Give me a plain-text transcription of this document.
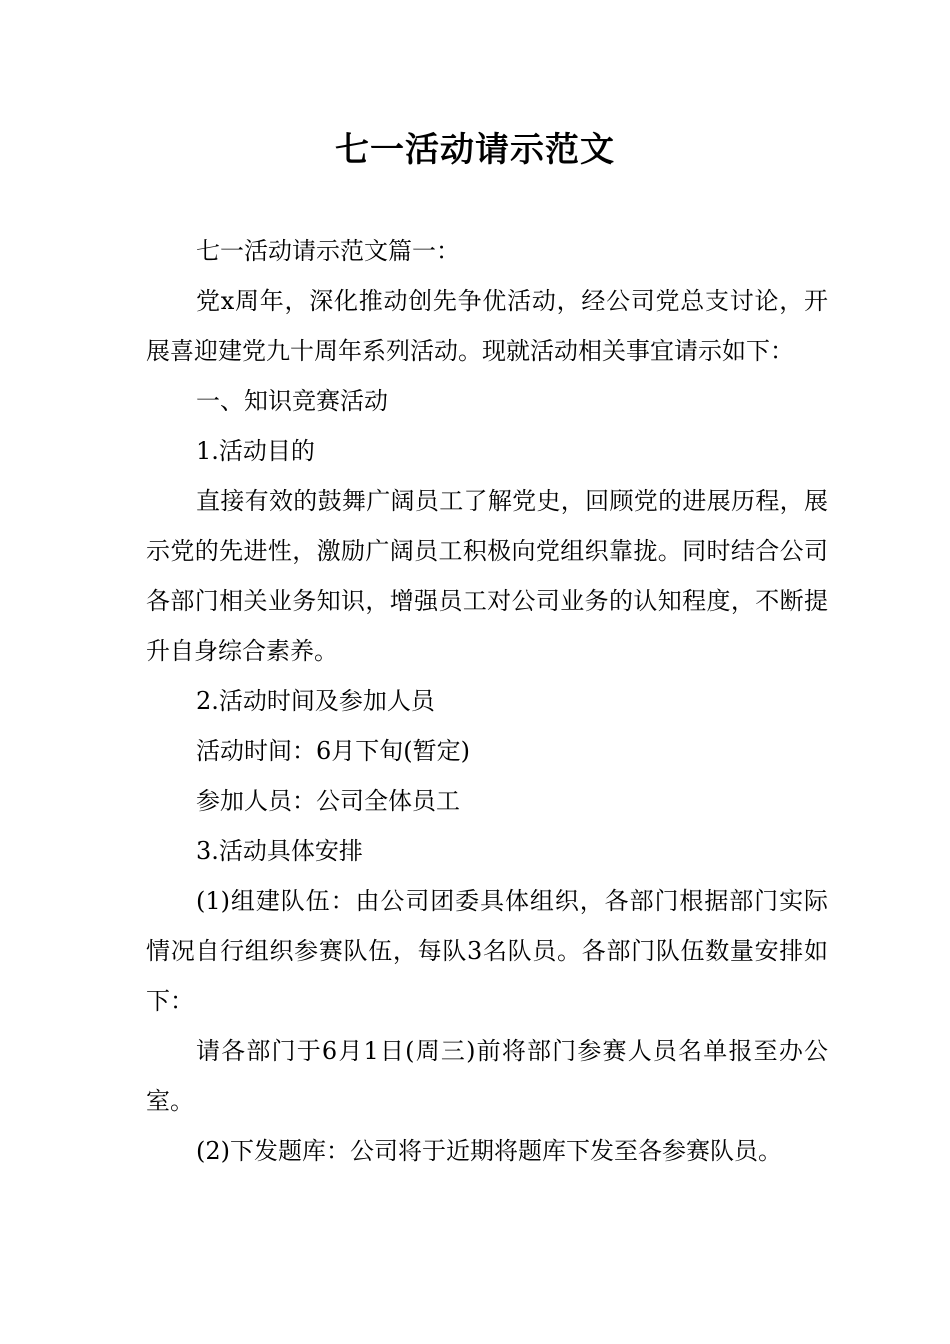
七一活动请示范文

七一活动请示范文篇一：

党x周年，深化推动创先争优活动，经公司党总支讨论，开展喜迎建党九十周年系列活动。现就活动相关事宜请示如下：

一、知识竞赛活动

1.活动目的

直接有效的鼓舞广阔员工了解党史，回顾党的进展历程，展示党的先进性，激励广阔员工积极向党组织靠拢。同时结合公司各部门相关业务知识，增强员工对公司业务的认知程度，不断提升自身综合素养。

2.活动时间及参加人员

活动时间：6月下旬(暂定)

参加人员：公司全体员工

3.活动具体安排

(1)组建队伍：由公司团委具体组织，各部门根据部门实际情况自行组织参赛队伍，每队3名队员。各部门队伍数量安排如下：

请各部门于6月1日(周三)前将部门参赛人员名单报至办公室。

(2)下发题库：公司将于近期将题库下发至各参赛队员。
